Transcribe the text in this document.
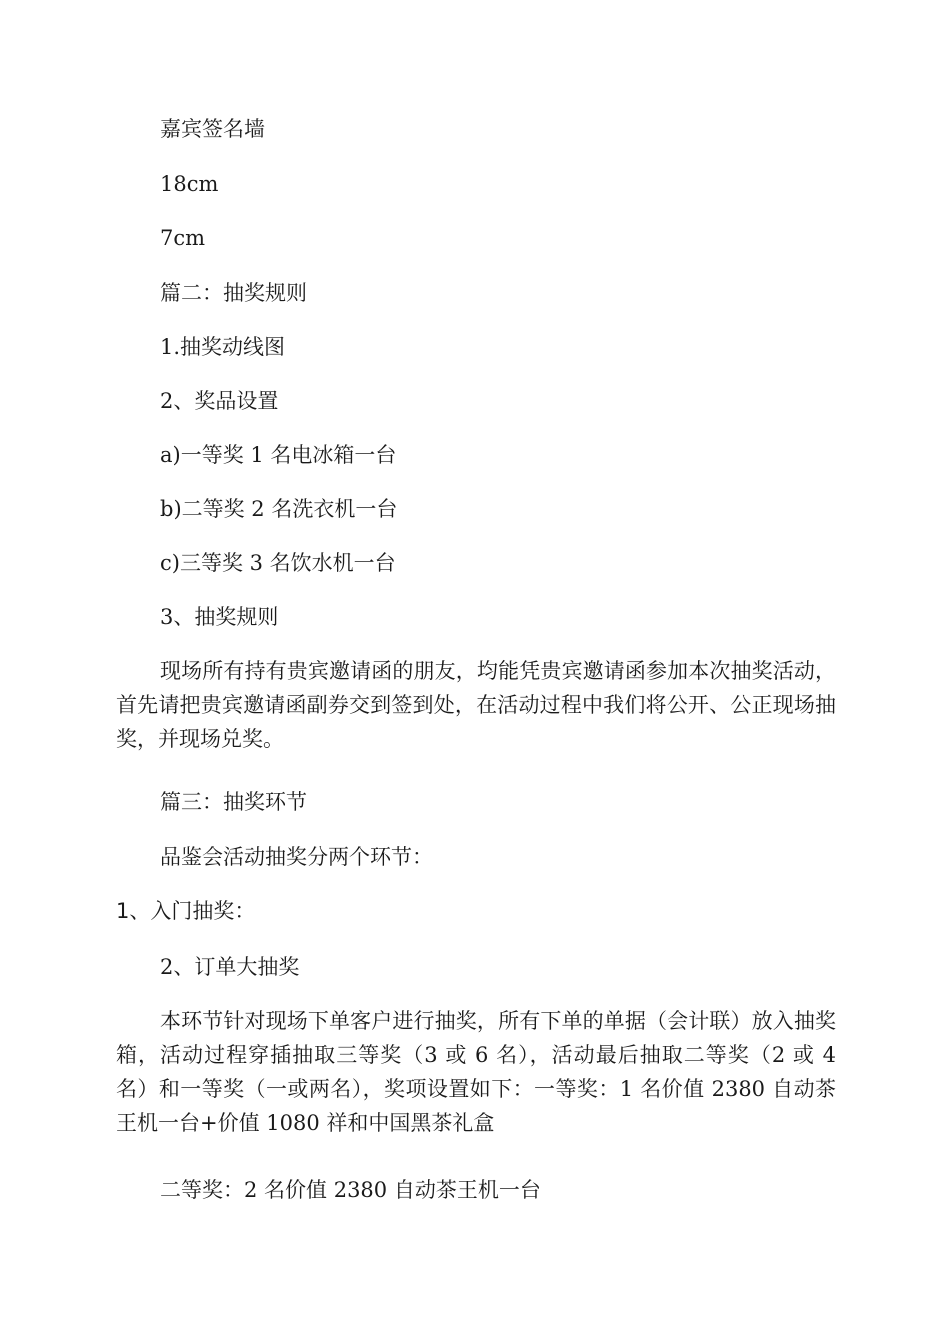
嘉宾签名墙

18cm

7cm

篇二：抽奖规则

1.抽奖动线图

2、奖品设置

a)一等奖 1 名电冰箱一台

b)二等奖 2 名洗衣机一台

c)三等奖 3 名饮水机一台

3、抽奖规则

现场所有持有贵宾邀请函的朋友，均能凭贵宾邀请函参加本次抽奖活动，首先请把贵宾邀请函副券交到签到处，在活动过程中我们将公开、公正现场抽奖，并现场兑奖。

篇三：抽奖环节

品鉴会活动抽奖分两个环节：

1、入门抽奖：

2、订单大抽奖

本环节针对现场下单客户进行抽奖，所有下单的单据（会计联）放入抽奖箱，活动过程穿插抽取三等奖（3 或 6 名），活动最后抽取二等奖（2 或 4 名）和一等奖（一或两名），奖项设置如下：一等奖：1 名价值 2380 自动茶王机一台+价值 1080 祥和中国黑茶礼盒

二等奖：2 名价值 2380 自动茶王机一台
